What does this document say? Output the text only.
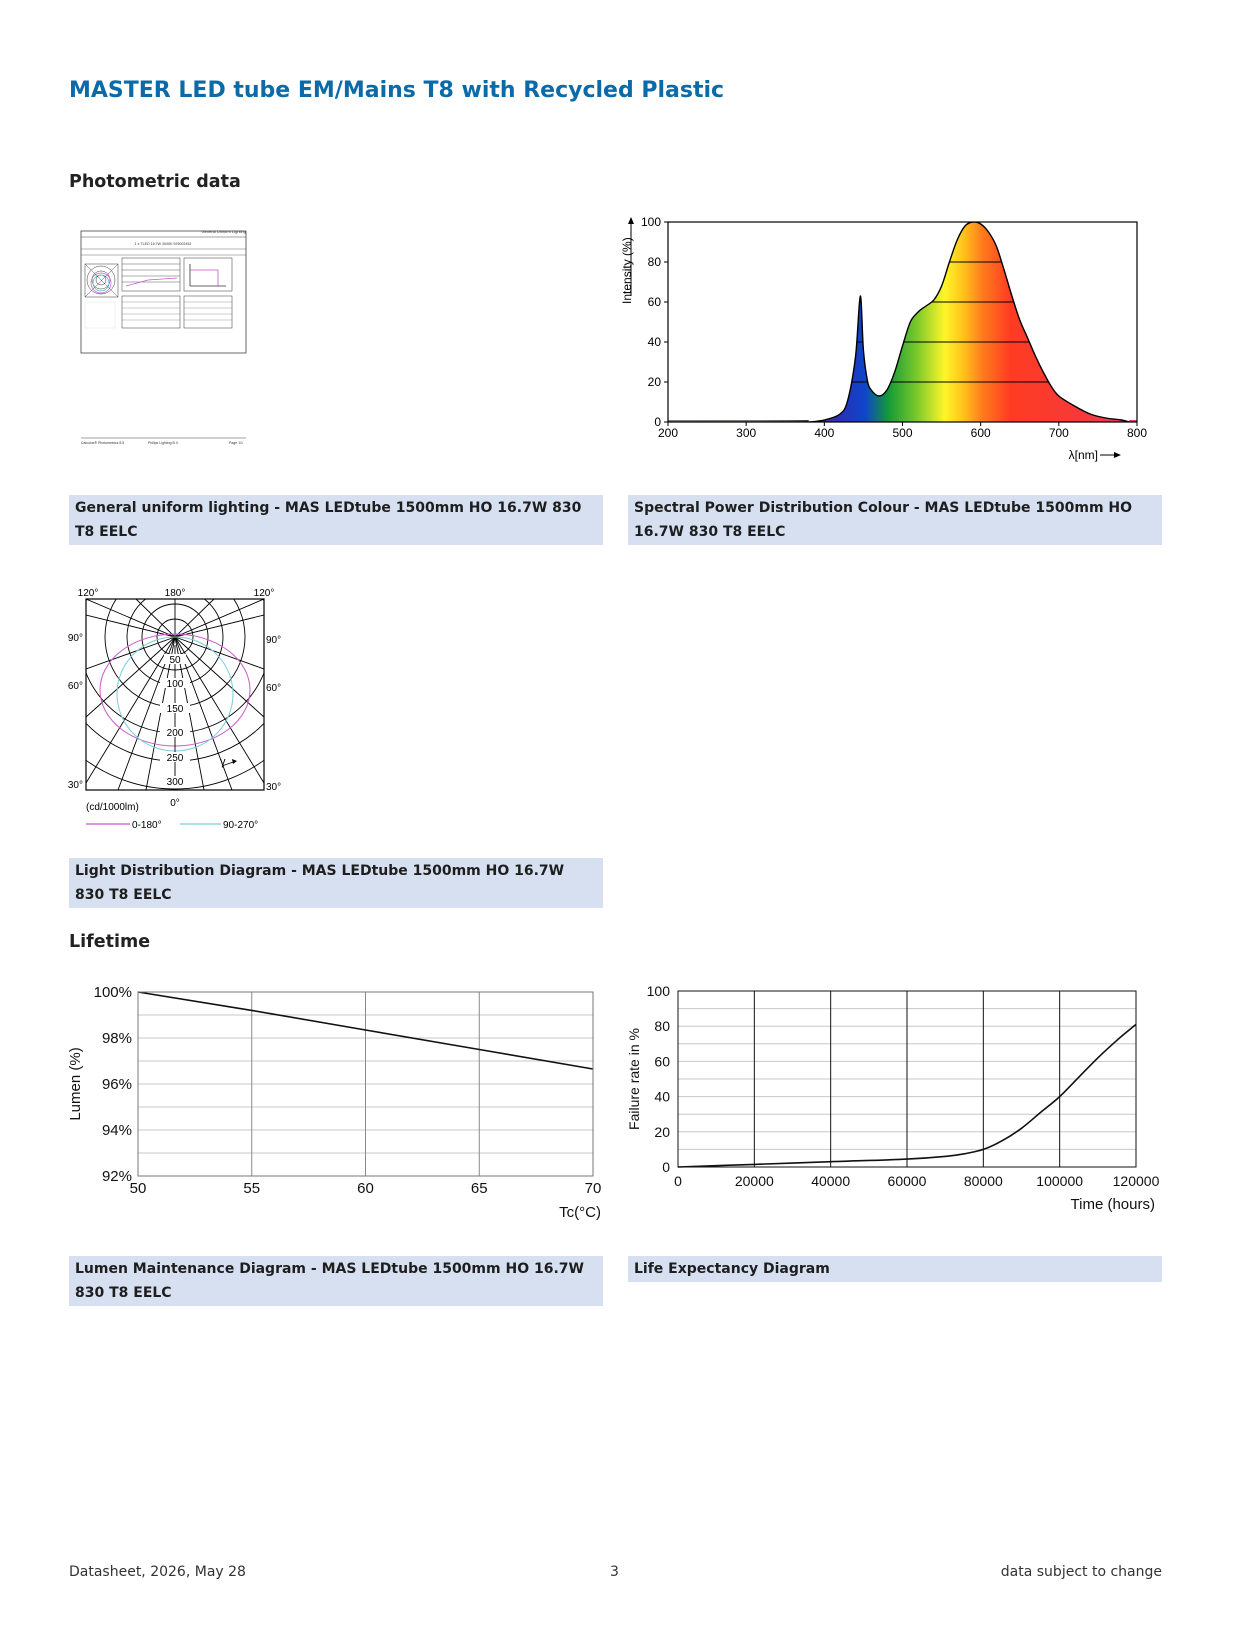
MASTER LED tube EM/Mains T8 with Recycled Plastic
Photometric data
General Uniform Lighting
1 x TLED 16.7W 3000K 929002452
Calculux® Photometrics 8.5	Philips Lighting B.V.	Page 1/1
0
20
40
60
80
100
200	300	400	500	600	700	800
Intensity (%)
λ[nm]
General uniform lighting - MAS LEDtube 1500mm HO 16.7W 830 T8 EELC
Spectral Power Distribution Colour - MAS LEDtube 1500mm HO 16.7W 830 T8 EELC
50
100
150
200
250
300
γ
120°	180°	120°
90°
60°
30°
90°
60°
30°
0°
(cd/1000lm)
0-180°	90-270°
Light Distribution Diagram - MAS LEDtube 1500mm HO 16.7W 830 T8 EELC
Lifetime
50	55	60	65	70
92%
94%
96%
98%
100%
Lumen (%)
Tc(°C)
0	20000	40000	60000	80000 100000 120000
0
20
40
60
80
100
Failure rate in %
Time (hours)
Lumen Maintenance Diagram - MAS LEDtube 1500mm HO 16.7W 830 T8 EELC
Life Expectancy Diagram
Datasheet, 2026, May 28	3	data subject to change
